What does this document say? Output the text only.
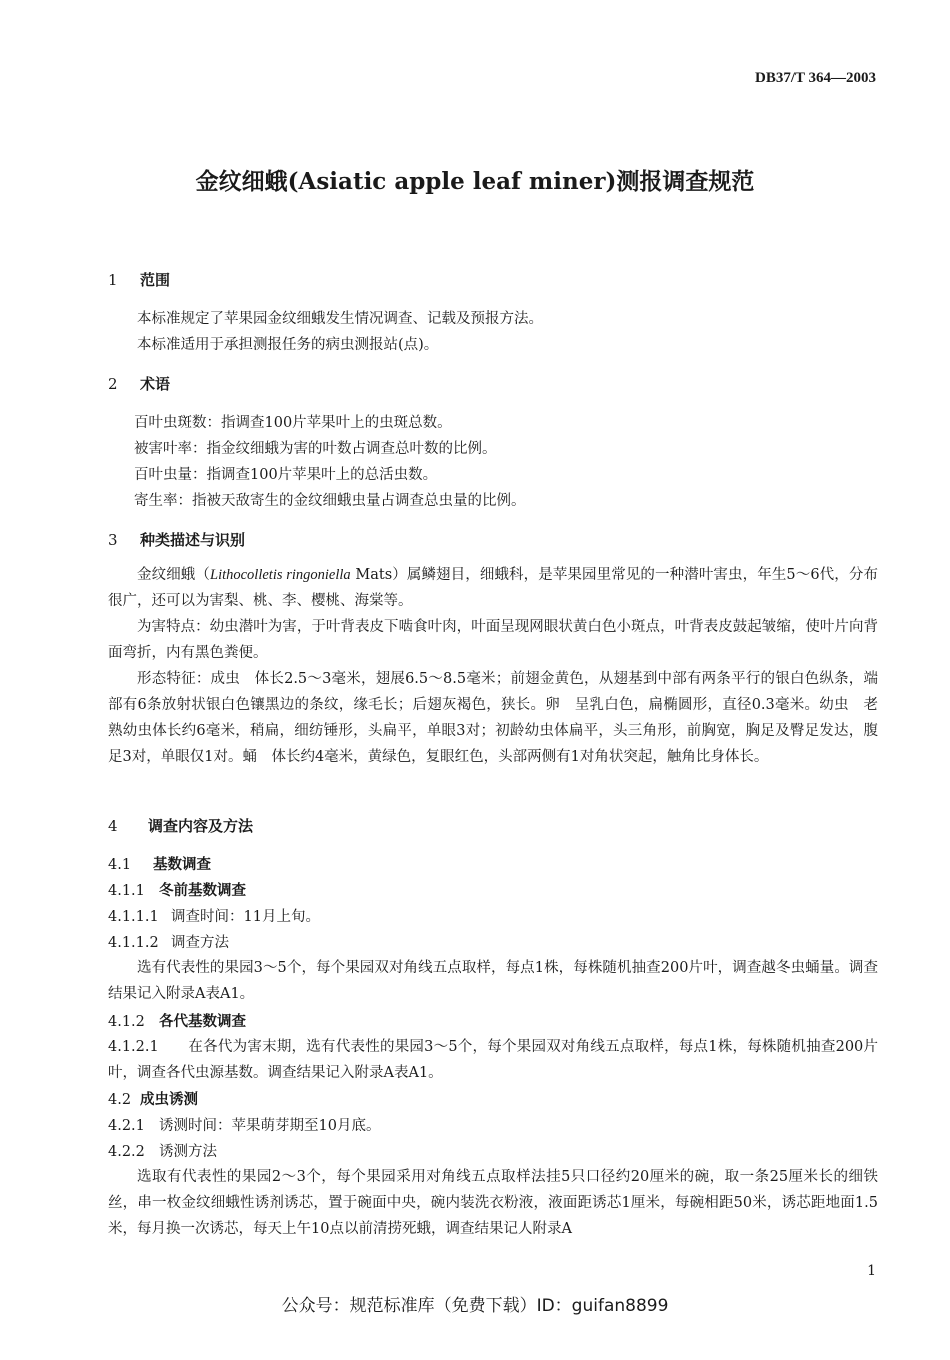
DB37/T 364—2003
金纹细蛾(Asiatic apple leaf miner)测报调查规范
1 范围
本标准规定了苹果园金纹细蛾发生情况调查、记载及预报方法。
本标准适用于承担测报任务的病虫测报站(点)。
2 术语
百叶虫斑数：指调查100片苹果叶上的虫斑总数。
被害叶率：指金纹细蛾为害的叶数占调查总叶数的比例。
百叶虫量：指调查100片苹果叶上的总活虫数。
寄生率：指被天敌寄生的金纹细蛾虫量占调查总虫量的比例。
3 种类描述与识别
金纹细蛾（Lithocolletis ringoniella Mats）属鳞翅目，细蛾科，是苹果园里常见的一种潜叶害虫，年生5～6代，分布很广，还可以为害梨、桃、李、樱桃、海棠等。
为害特点：幼虫潜叶为害，于叶背表皮下啮食叶肉，叶面呈现网眼状黄白色小斑点，叶背表皮鼓起皱缩，使叶片向背面弯折，内有黑色粪便。
形态特征：成虫　体长2.5～3毫米，翅展6.5～8.5毫米；前翅金黄色，从翅基到中部有两条平行的银白色纵条，端部有6条放射状银白色镶黑边的条纹，缘毛长；后翅灰褐色，狭长。卵　呈乳白色，扁椭圆形，直径0.3毫米。幼虫　老熟幼虫体长约6毫米，稍扁，细纺锤形，头扁平，单眼3对；初龄幼虫体扁平，头三角形，前胸宽，胸足及臀足发达，腹足3对，单眼仅1对。蛹　体长约4毫米，黄绿色，复眼红色，头部两侧有1对角状突起，触角比身体长。
4 调查内容及方法
4.1 基数调查
4.1.1 冬前基数调查
4.1.1.1 调查时间：11月上旬。
4.1.1.2 调查方法
选有代表性的果园3～5个，每个果园双对角线五点取样，每点1株，每株随机抽查200片叶，调查越冬虫蛹量。调查结果记入附录A表A1。
4.1.2 各代基数调查
4.1.2.1　　在各代为害末期，选有代表性的果园3～5个，每个果园双对角线五点取样，每点1株，每株随机抽查200片叶，调查各代虫源基数。调查结果记入附录A表A1。
4.2 成虫诱测
4.2.1 诱测时间：苹果萌芽期至10月底。
4.2.2 诱测方法
选取有代表性的果园2～3个，每个果园采用对角线五点取样法挂5只口径约20厘米的碗，取一条25厘米长的细铁丝，串一枚金纹细蛾性诱剂诱芯，置于碗面中央，碗内装洗衣粉液，液面距诱芯1厘米，每碗相距50米，诱芯距地面1.5米，每月换一次诱芯，每天上午10点以前清捞死蛾，调查结果记人附录A
1
公众号：规范标准库（免费下载）ID：guifan8899
